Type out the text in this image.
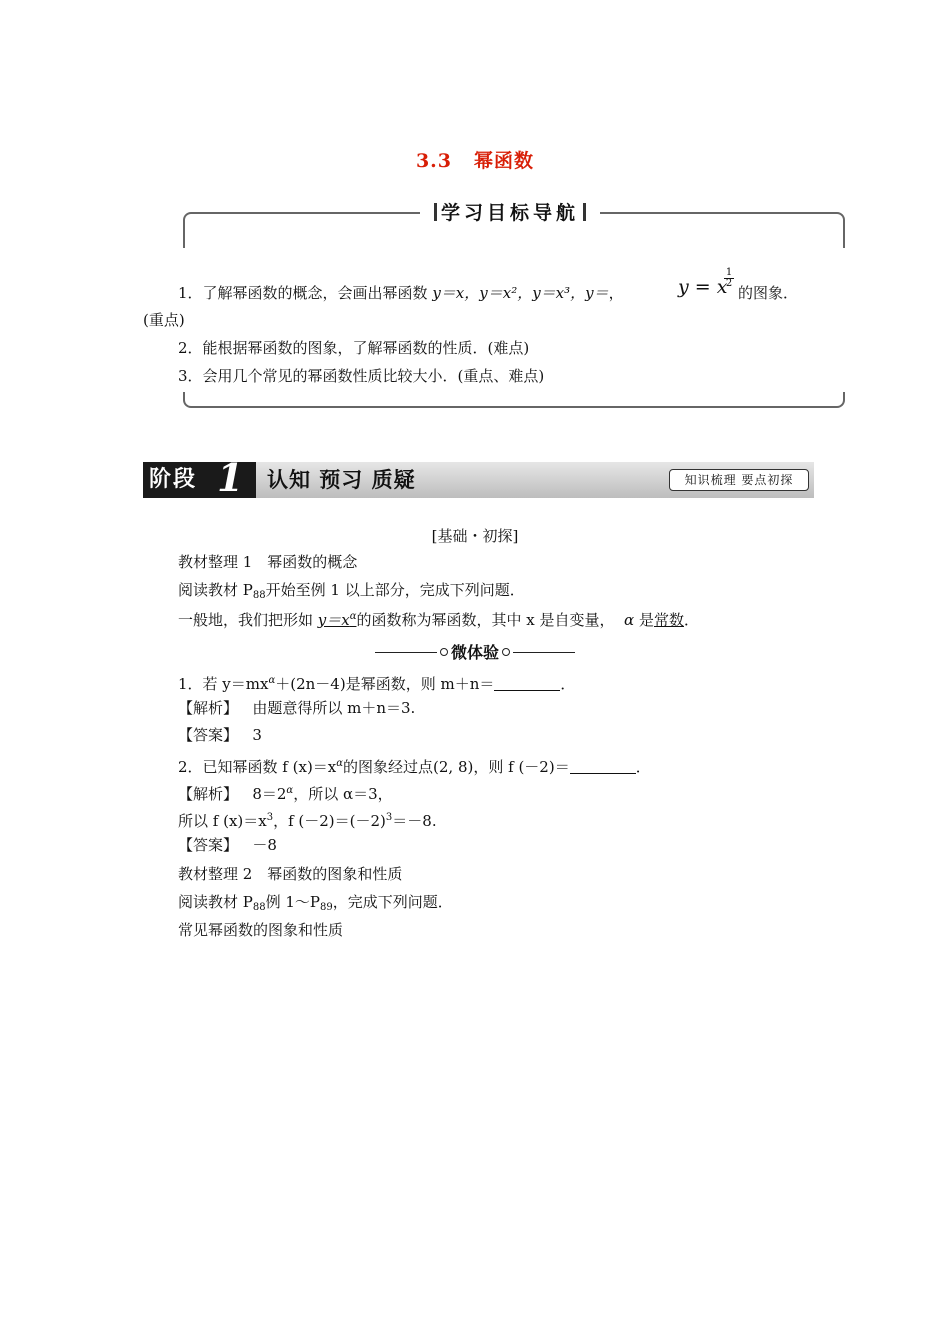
3.3 幂函数
学习目标导航
1．了解幂函数的概念，会画出幂函数 y＝x，y＝x²，y＝x³，y＝，	y = x
1
2
的图象．
(重点)
2．能根据幂函数的图象，了解幂函数的性质．(难点)
3．会用几个常见的幂函数性质比较大小．(重点、难点)
阶段 1 认知 预习 质疑	知识梳理 要点初探
[基础・初探]
教材整理 1　幂函数的概念
阅读教材 $P_{88}$开始至例 1 以上部分，完成下列问题．
一般地，我们把形如 $y=x^\alpha$的函数称为幂函数，其中 x 是自变量， α 是常数．
微体验
1．若 $y=mx^\alpha+(2n-4)$是幂函数，则 m＋n＝	．
【解析】 由题意得所以 m＋n＝3.
【答案】 3
2．已知幂函数 f $(x)=x^\alpha$的图象经过点(2, 8)，则 f (－2)＝	．
【解析】 $8=2^\alpha$，所以 α＝3，
所以 f $(x)=x^3$，f $(-2)=(-2)^3=-8$.
【答案】 －8
教材整理 2　幂函数的图象和性质
阅读教材 $P_{88}$例 $1\sim P_{89}$，完成下列问题．
常见幂函数的图象和性质
